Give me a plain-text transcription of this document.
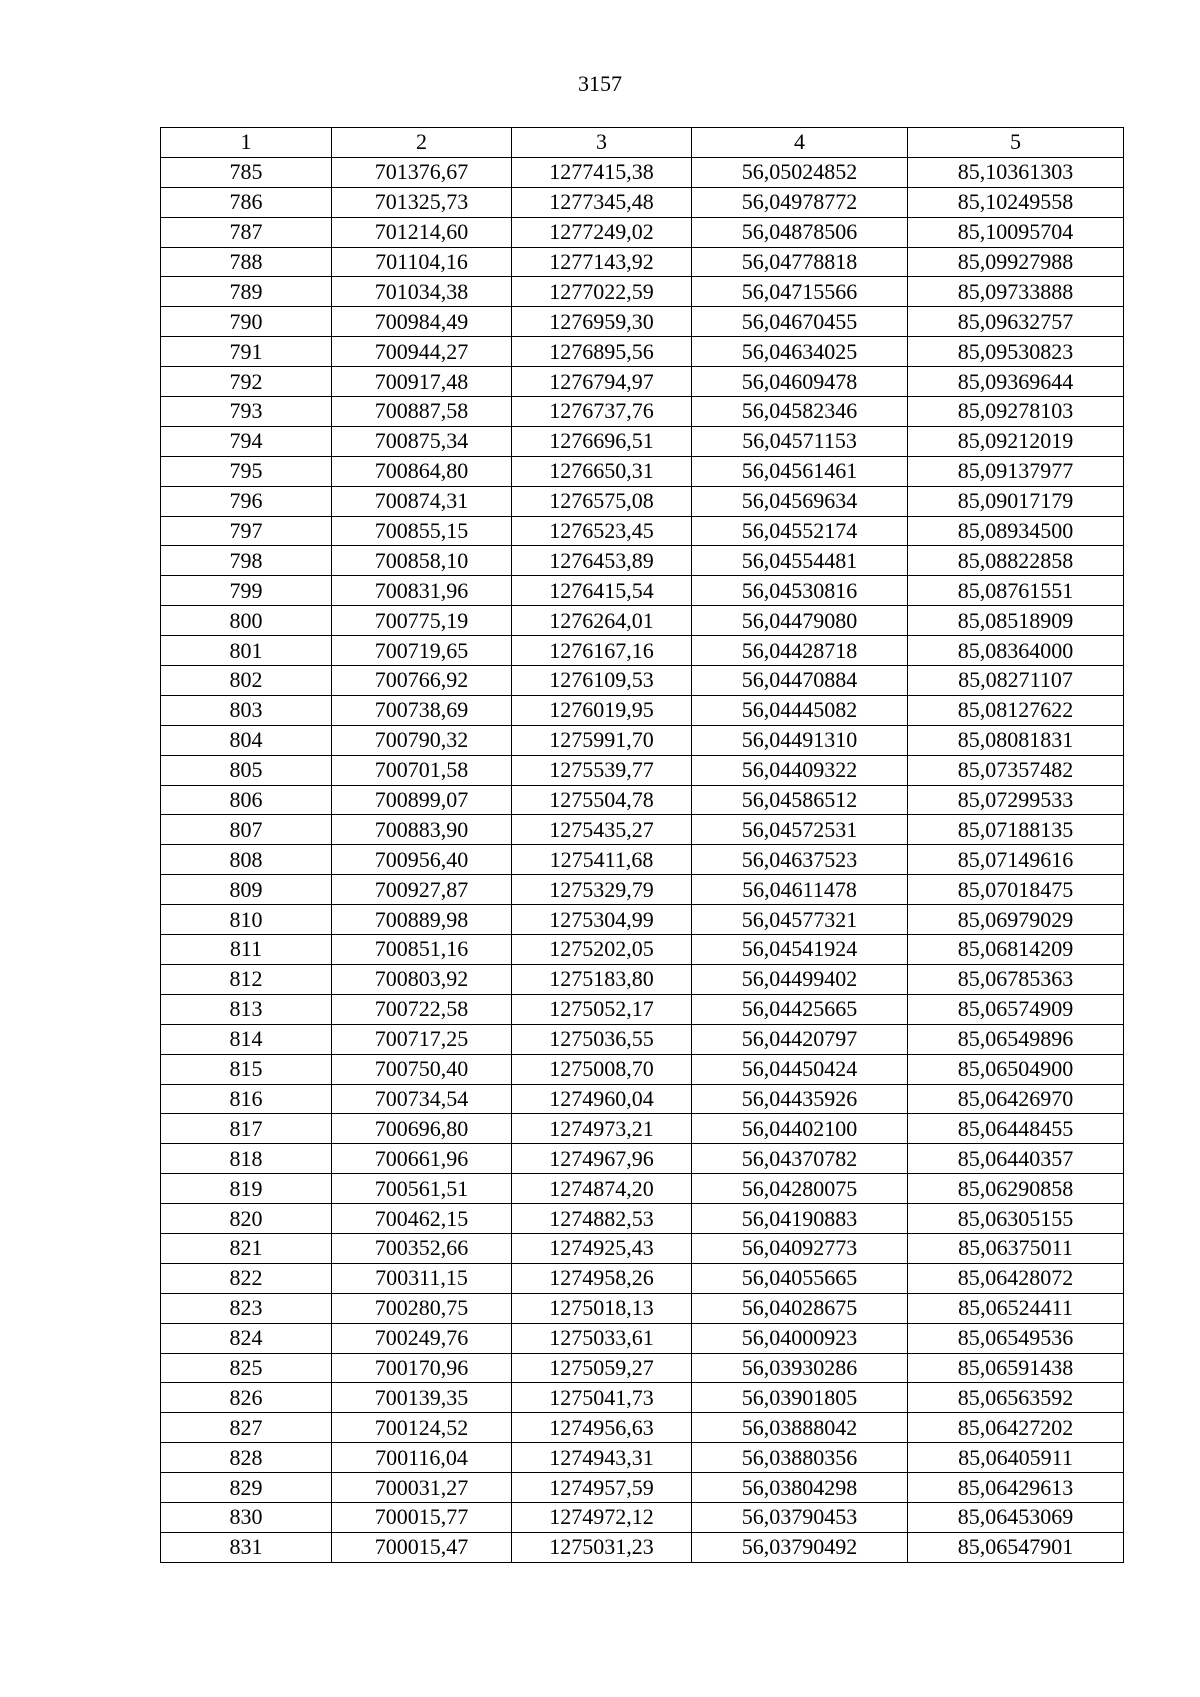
3157
1	2	3	4	5
785	701376,67	1277415,38	56,05024852	85,10361303
786	701325,73	1277345,48	56,04978772	85,10249558
787	701214,60	1277249,02	56,04878506	85,10095704
788	701104,16	1277143,92	56,04778818	85,09927988
789	701034,38	1277022,59	56,04715566	85,09733888
790	700984,49	1276959,30	56,04670455	85,09632757
791	700944,27	1276895,56	56,04634025	85,09530823
792	700917,48	1276794,97	56,04609478	85,09369644
793	700887,58	1276737,76	56,04582346	85,09278103
794	700875,34	1276696,51	56,04571153	85,09212019
795	700864,80	1276650,31	56,04561461	85,09137977
796	700874,31	1276575,08	56,04569634	85,09017179
797	700855,15	1276523,45	56,04552174	85,08934500
798	700858,10	1276453,89	56,04554481	85,08822858
799	700831,96	1276415,54	56,04530816	85,08761551
800	700775,19	1276264,01	56,04479080	85,08518909
801	700719,65	1276167,16	56,04428718	85,08364000
802	700766,92	1276109,53	56,04470884	85,08271107
803	700738,69	1276019,95	56,04445082	85,08127622
804	700790,32	1275991,70	56,04491310	85,08081831
805	700701,58	1275539,77	56,04409322	85,07357482
806	700899,07	1275504,78	56,04586512	85,07299533
807	700883,90	1275435,27	56,04572531	85,07188135
808	700956,40	1275411,68	56,04637523	85,07149616
809	700927,87	1275329,79	56,04611478	85,07018475
810	700889,98	1275304,99	56,04577321	85,06979029
811	700851,16	1275202,05	56,04541924	85,06814209
812	700803,92	1275183,80	56,04499402	85,06785363
813	700722,58	1275052,17	56,04425665	85,06574909
814	700717,25	1275036,55	56,04420797	85,06549896
815	700750,40	1275008,70	56,04450424	85,06504900
816	700734,54	1274960,04	56,04435926	85,06426970
817	700696,80	1274973,21	56,04402100	85,06448455
818	700661,96	1274967,96	56,04370782	85,06440357
819	700561,51	1274874,20	56,04280075	85,06290858
820	700462,15	1274882,53	56,04190883	85,06305155
821	700352,66	1274925,43	56,04092773	85,06375011
822	700311,15	1274958,26	56,04055665	85,06428072
823	700280,75	1275018,13	56,04028675	85,06524411
824	700249,76	1275033,61	56,04000923	85,06549536
825	700170,96	1275059,27	56,03930286	85,06591438
826	700139,35	1275041,73	56,03901805	85,06563592
827	700124,52	1274956,63	56,03888042	85,06427202
828	700116,04	1274943,31	56,03880356	85,06405911
829	700031,27	1274957,59	56,03804298	85,06429613
830	700015,77	1274972,12	56,03790453	85,06453069
831	700015,47	1275031,23	56,03790492	85,06547901
